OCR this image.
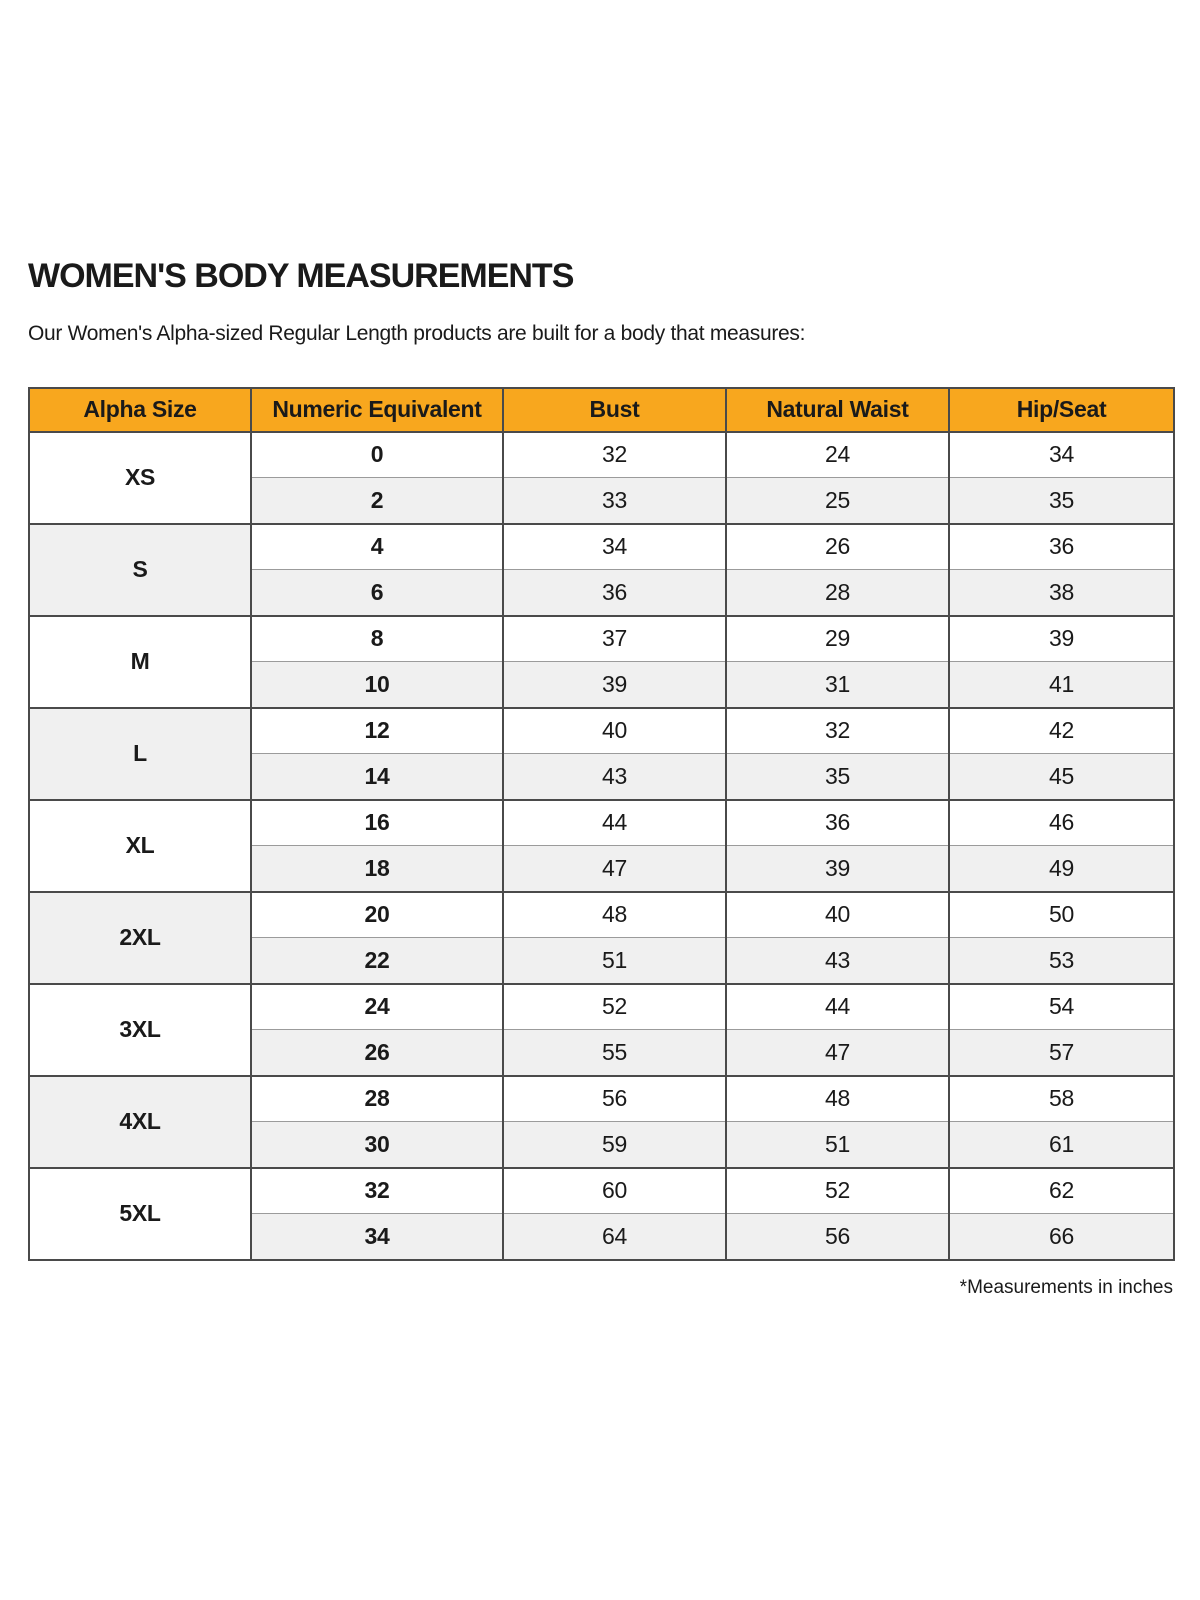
WOMEN'S BODY MEASUREMENTS

Our Women's Alpha-sized Regular Length products are built for a body that measures:

Alpha Size	Numeric Equivalent	Bust	Natural Waist	Hip/Seat
XS	0	32	24	34
	2	33	25	35
S	4	34	26	36
	6	36	28	38
M	8	37	29	39
	10	39	31	41
L	12	40	32	42
	14	43	35	45
XL	16	44	36	46
	18	47	39	49
2XL	20	48	40	50
	22	51	43	53
3XL	24	52	44	54
	26	55	47	57
4XL	28	56	48	58
	30	59	51	61
5XL	32	60	52	62
	34	64	56	66
*Measurements in inches
